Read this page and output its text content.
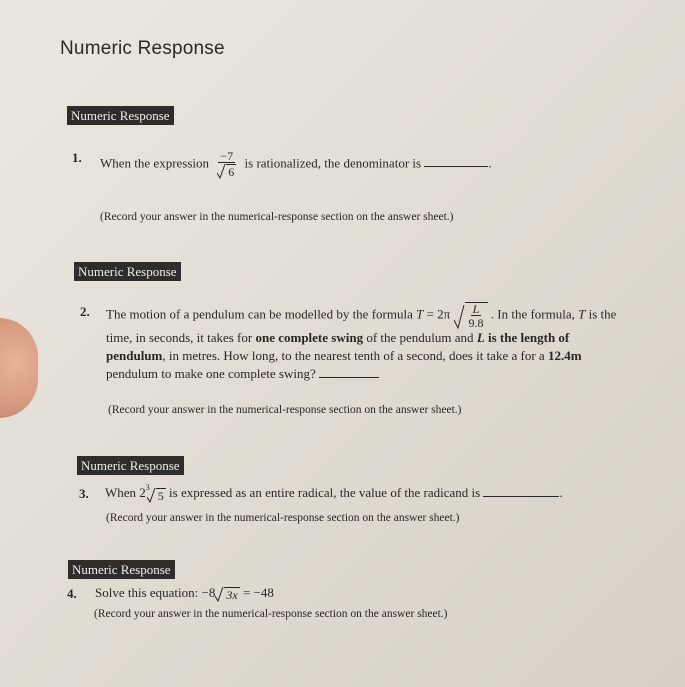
Numeric Response
Numeric Response
1. When the expression $\frac{-7}{6}$ is rationalized, the denominator is	.
(Record your answer in the numerical-response section on the answer sheet.)
Numeric Response
2. The motion of a pendulum can be modelled by the formula $T = 2\pi \frac{L}{9.8}$ . In the formula, T is the time, in seconds, it takes for one complete swing of the pendulum and L is the length of pendulum, in metres. How long, to the nearest tenth of a second, does it take a for a 12.4m pendulum to make one complete swing?
(Record your answer in the numerical-response section on the answer sheet.)
Numeric Response
3. When 2 3
5 is expressed as an entire radical, the value of the radicand is	.
(Record your answer in the numerical-response section on the answer sheet.)
Numeric Response
4. Solve this equation: −8 3x = −48
(Record your answer in the numerical-response section on the answer sheet.)
